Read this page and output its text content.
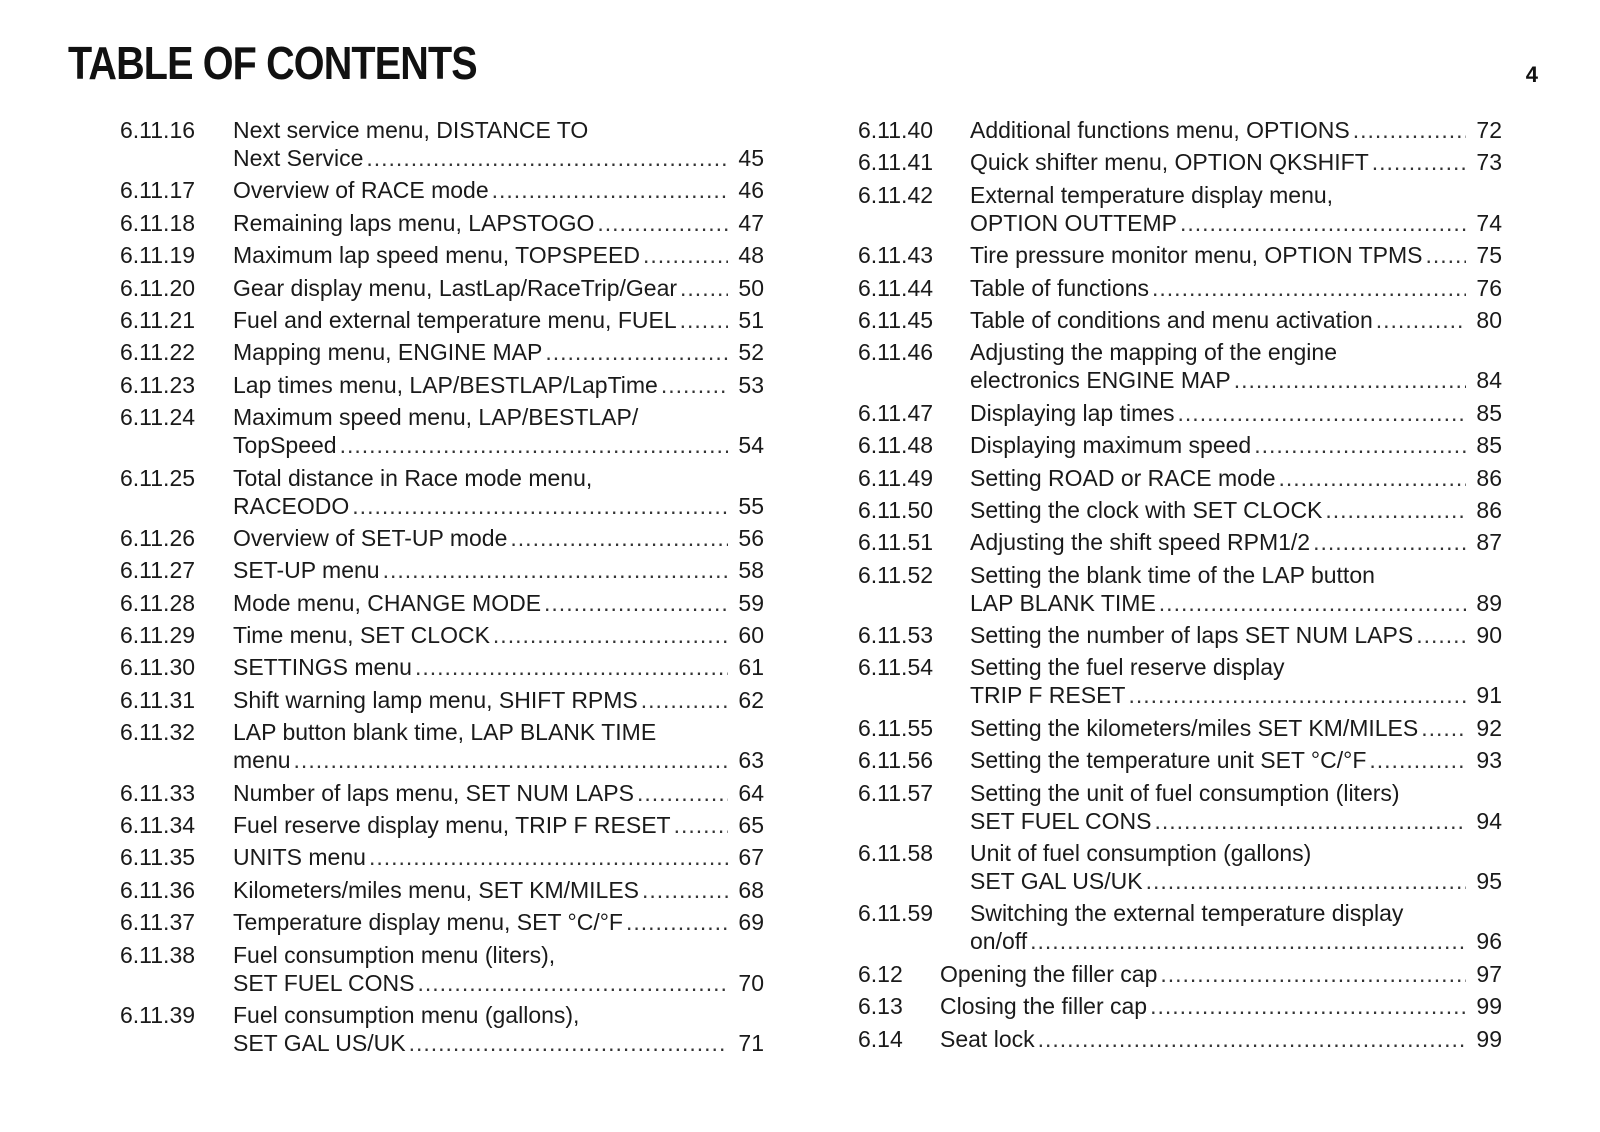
TABLE OF CONTENTS	4
6.11.16	Next service menu, DISTANCE TO
Next Service .....	45
6.11.17	Overview of RACE mode .....	46
6.11.18	Remaining laps menu, LAPSTOGO .....	47
6.11.19	Maximum lap speed menu, TOPSPEED .....	48
6.11.20	Gear display menu, LastLap/RaceTrip/Gear .....	50
6.11.21	Fuel and external temperature menu, FUEL .....	51
6.11.22	Mapping menu, ENGINE MAP .....	52
6.11.23	Lap times menu, LAP/BESTLAP/LapTime .....	53
6.11.24	Maximum speed menu, LAP/BESTLAP/
TopSpeed .....	54
6.11.25	Total distance in Race mode menu,
RACEODO .....	55
6.11.26	Overview of SET-UP mode .....	56
6.11.27	SET-UP menu .....	58
6.11.28	Mode menu, CHANGE MODE .....	59
6.11.29	Time menu, SET CLOCK .....	60
6.11.30	SETTINGS menu .....	61
6.11.31	Shift warning lamp menu, SHIFT RPMS .....	62
6.11.32	LAP button blank time, LAP BLANK TIME
menu .....	63
6.11.33	Number of laps menu, SET NUM LAPS .....	64
6.11.34	Fuel reserve display menu, TRIP F RESET .....	65
6.11.35	UNITS menu .....	67
6.11.36	Kilometers/miles menu, SET KM/MILES .....	68
6.11.37	Temperature display menu, SET °C/°F .....	69
6.11.38	Fuel consumption menu (liters),
SET FUEL CONS .....	70
6.11.39	Fuel consumption menu (gallons),
SET GAL US/UK .....	71
6.11.40	Additional functions menu, OPTIONS .....	72
6.11.41	Quick shifter menu, OPTION QKSHIFT .....	73
6.11.42	External temperature display menu,
OPTION OUTTEMP .....	74
6.11.43	Tire pressure monitor menu, OPTION TPMS ..... 75
6.11.44	Table of functions .....	76
6.11.45	Table of conditions and menu activation .....	80
6.11.46	Adjusting the mapping of the engine
electronics ENGINE MAP .....	84
6.11.47	Displaying lap times .....	85
6.11.48	Displaying maximum speed .....	85
6.11.49	Setting ROAD or RACE mode .....	86
6.11.50	Setting the clock with SET CLOCK .....	86
6.11.51	Adjusting the shift speed RPM1/2 .....	87
6.11.52	Setting the blank time of the LAP button
LAP BLANK TIME .....	89
6.11.53	Setting the number of laps SET NUM LAPS .....	90
6.11.54	Setting the fuel reserve display
TRIP F RESET .....	91
6.11.55	Setting the kilometers/miles SET KM/MILES .....	92
6.11.56	Setting the temperature unit SET °C/°F .....	93
6.11.57	Setting the unit of fuel consumption (liters)
SET FUEL CONS .....	94
6.11.58	Unit of fuel consumption (gallons)
SET GAL US/UK .....	95
6.11.59	Switching the external temperature display
on/off .....	96
6.12	Opening the filler cap .....	97
6.13	Closing the filler cap .....	99
6.14	Seat lock .....	99
